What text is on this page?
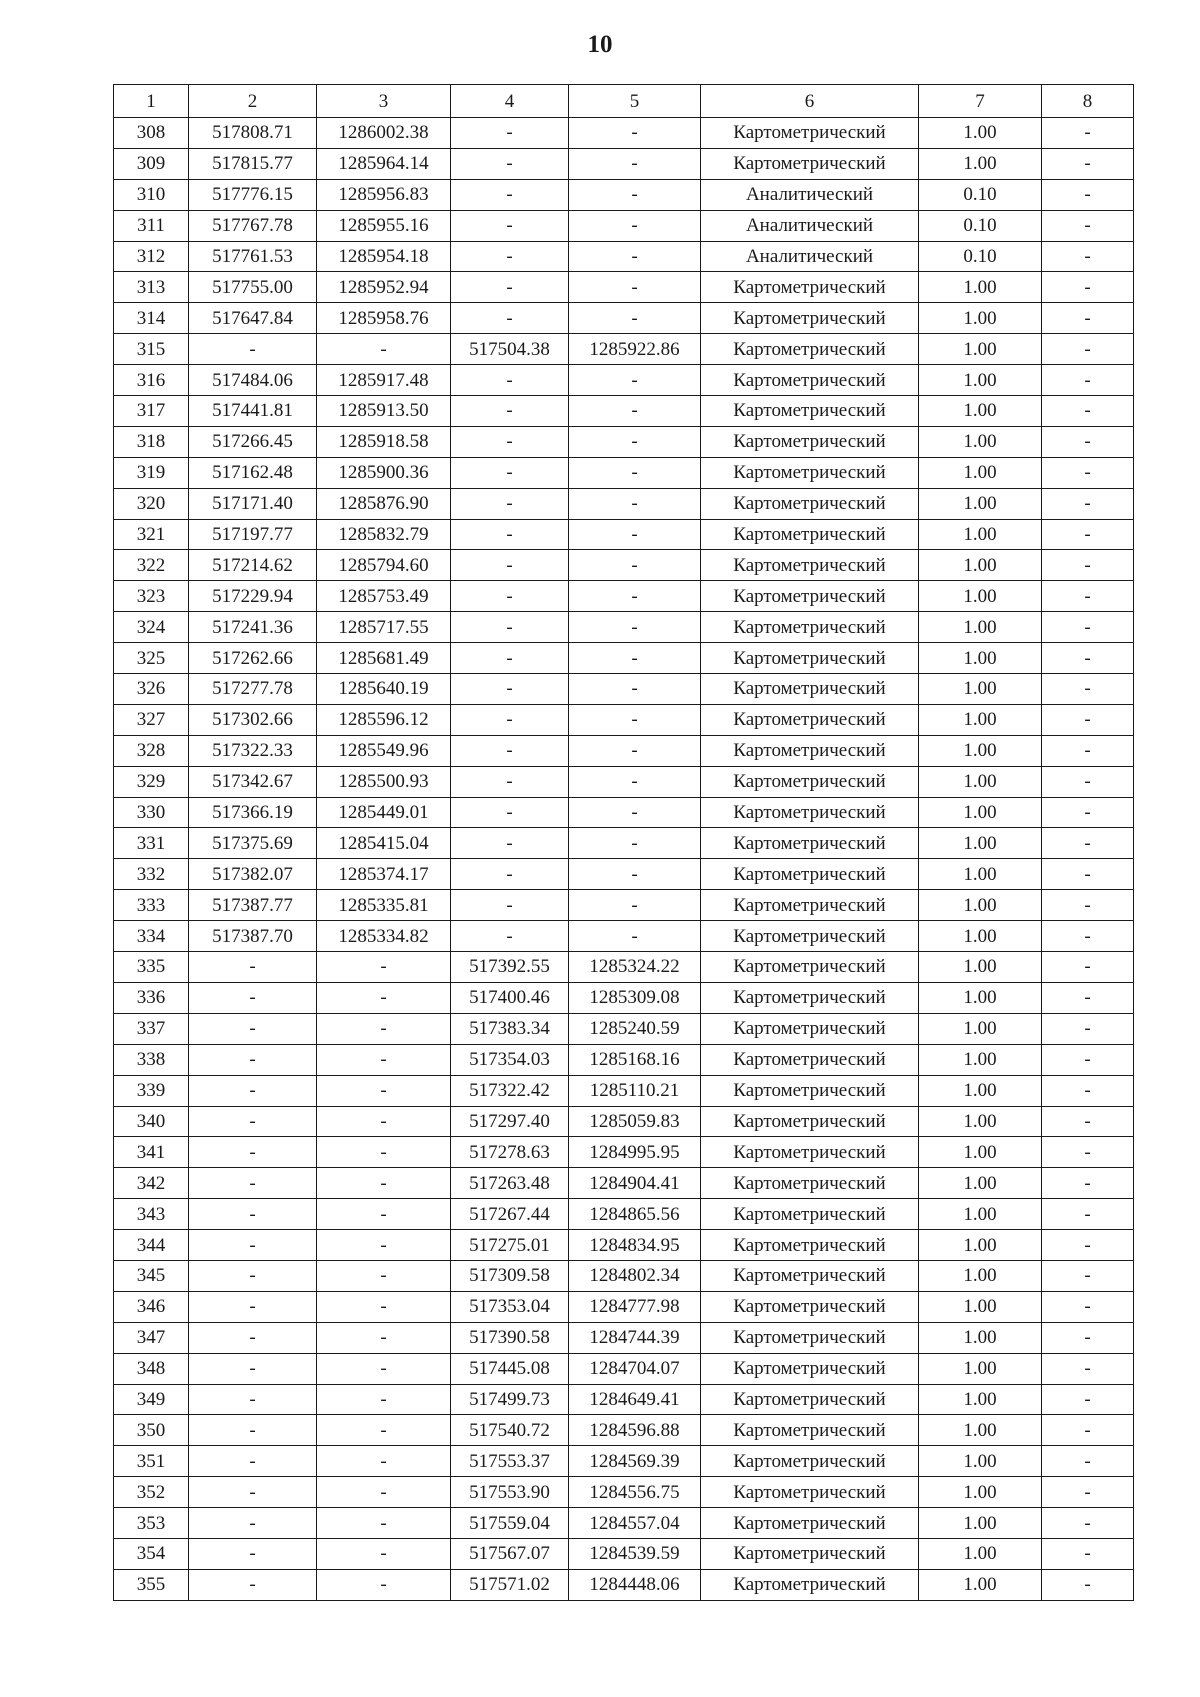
10
1	2	3	4	5	6	7	8
308	517808.71	1286002.38	-	-	Картометрический	1.00	-
309	517815.77	1285964.14	-	-	Картометрический	1.00	-
310	517776.15	1285956.83	-	-	Аналитический	0.10	-
311	517767.78	1285955.16	-	-	Аналитический	0.10	-
312	517761.53	1285954.18	-	-	Аналитический	0.10	-
313	517755.00	1285952.94	-	-	Картометрический	1.00	-
314	517647.84	1285958.76	-	-	Картометрический	1.00	-
315	-	-	517504.38	1285922.86	Картометрический	1.00	-
316	517484.06	1285917.48	-	-	Картометрический	1.00	-
317	517441.81	1285913.50	-	-	Картометрический	1.00	-
318	517266.45	1285918.58	-	-	Картометрический	1.00	-
319	517162.48	1285900.36	-	-	Картометрический	1.00	-
320	517171.40	1285876.90	-	-	Картометрический	1.00	-
321	517197.77	1285832.79	-	-	Картометрический	1.00	-
322	517214.62	1285794.60	-	-	Картометрический	1.00	-
323	517229.94	1285753.49	-	-	Картометрический	1.00	-
324	517241.36	1285717.55	-	-	Картометрический	1.00	-
325	517262.66	1285681.49	-	-	Картометрический	1.00	-
326	517277.78	1285640.19	-	-	Картометрический	1.00	-
327	517302.66	1285596.12	-	-	Картометрический	1.00	-
328	517322.33	1285549.96	-	-	Картометрический	1.00	-
329	517342.67	1285500.93	-	-	Картометрический	1.00	-
330	517366.19	1285449.01	-	-	Картометрический	1.00	-
331	517375.69	1285415.04	-	-	Картометрический	1.00	-
332	517382.07	1285374.17	-	-	Картометрический	1.00	-
333	517387.77	1285335.81	-	-	Картометрический	1.00	-
334	517387.70	1285334.82	-	-	Картометрический	1.00	-
335	-	-	517392.55	1285324.22	Картометрический	1.00	-
336	-	-	517400.46	1285309.08	Картометрический	1.00	-
337	-	-	517383.34	1285240.59	Картометрический	1.00	-
338	-	-	517354.03	1285168.16	Картометрический	1.00	-
339	-	-	517322.42	1285110.21	Картометрический	1.00	-
340	-	-	517297.40	1285059.83	Картометрический	1.00	-
341	-	-	517278.63	1284995.95	Картометрический	1.00	-
342	-	-	517263.48	1284904.41	Картометрический	1.00	-
343	-	-	517267.44	1284865.56	Картометрический	1.00	-
344	-	-	517275.01	1284834.95	Картометрический	1.00	-
345	-	-	517309.58	1284802.34	Картометрический	1.00	-
346	-	-	517353.04	1284777.98	Картометрический	1.00	-
347	-	-	517390.58	1284744.39	Картометрический	1.00	-
348	-	-	517445.08	1284704.07	Картометрический	1.00	-
349	-	-	517499.73	1284649.41	Картометрический	1.00	-
350	-	-	517540.72	1284596.88	Картометрический	1.00	-
351	-	-	517553.37	1284569.39	Картометрический	1.00	-
352	-	-	517553.90	1284556.75	Картометрический	1.00	-
353	-	-	517559.04	1284557.04	Картометрический	1.00	-
354	-	-	517567.07	1284539.59	Картометрический	1.00	-
355	-	-	517571.02	1284448.06	Картометрический	1.00	-
